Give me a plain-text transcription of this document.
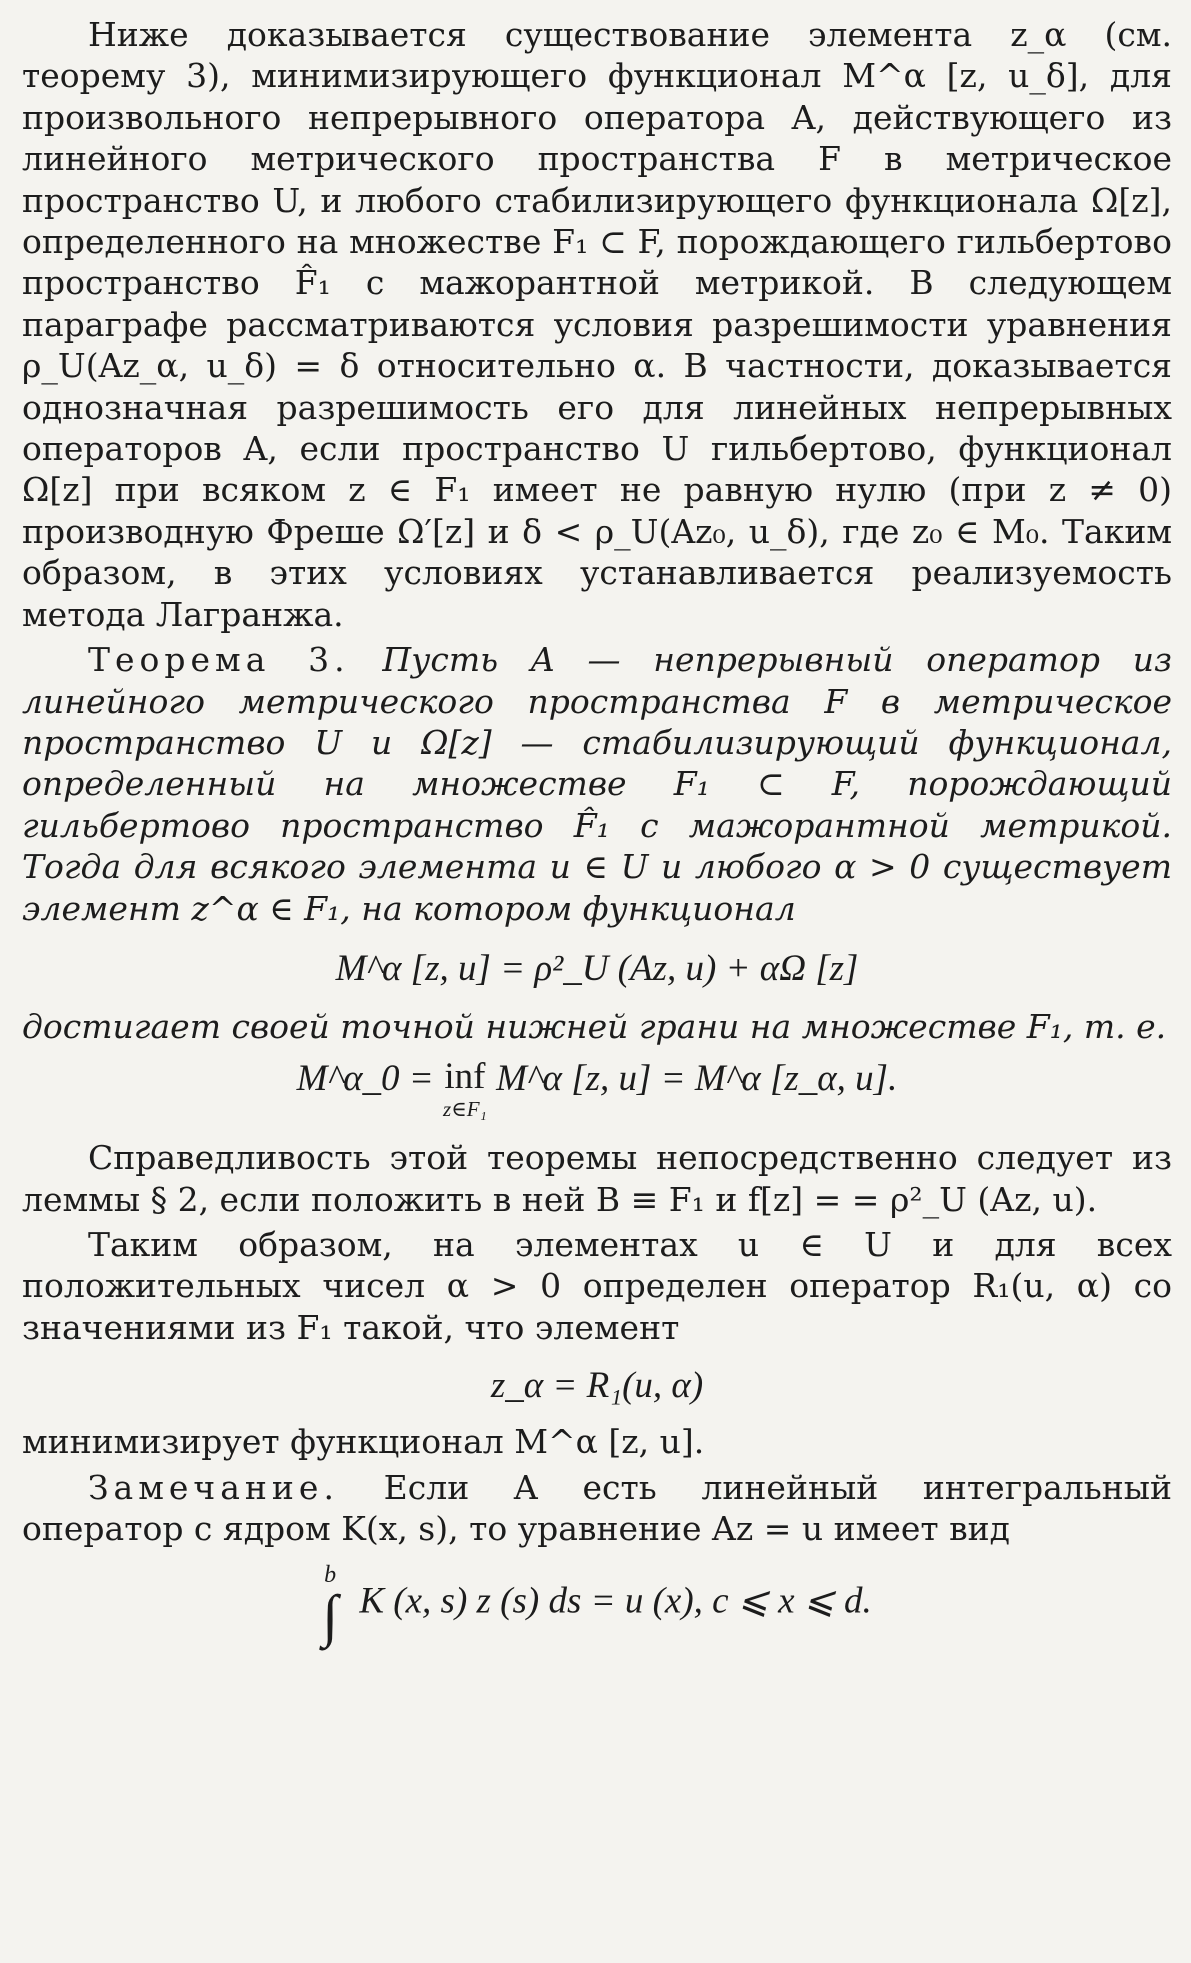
Ниже доказывается существование элемента z_α (см. теорему 3), минимизирующего функционал M^α [z, u_δ], для произвольного непрерывного оператора A, действующего из линейного метрического пространства F в метрическое пространство U, и любого стабилизирующего функционала Ω[z], определенного на множестве F₁ ⊂ F, порождающего гильбертово пространство F̂₁ с мажорантной метрикой. В следующем параграфе рассматриваются условия разрешимости уравнения ρ_U(Az_α, u_δ) = δ относительно α. В частности, доказывается однозначная разрешимость его для линейных непрерывных операторов A, если пространство U гильбертово, функционал Ω[z] при всяком z ∈ F₁ имеет не равную нулю (при z ≠ 0) производную Фреше Ω′[z] и δ < ρ_U(Az₀, u_δ), где z₀ ∈ M₀. Таким образом, в этих условиях устанавливается реализуемость метода Лагранжа.

Теорема 3. Пусть A — непрерывный оператор из линейного метрического пространства F в метрическое пространство U и Ω[z] — стабилизирующий функционал, определенный на множестве F₁ ⊂ F, порождающий гильбертово пространство F̂₁ с мажорантной метрикой. Тогда для всякого элемента u ∈ U и любого α > 0 существует элемент z^α ∈ F₁, на котором функционал

M^α [z, u] = ρ²_U (Az, u) + αΩ [z]

достигает своей точной нижней грани на множестве F₁, т. е.

M^α_0 = inf
z∈F₁
M^α [z, u] = M^α [z_α, u].

Справедливость этой теоремы непосредственно следует из леммы § 2, если положить в ней B ≡ F₁ и f[z] = = ρ²_U (Az, u).

Таким образом, на элементах u ∈ U и для всех положительных чисел α > 0 определен оператор R₁(u, α) со значениями из F₁ такой, что элемент

z_α = R₁(u, α)

минимизирует функционал M^α [z, u].

Замечание. Если A есть линейный интегральный оператор с ядром K(x, s), то уравнение Az = u имеет вид

b
∫ K (x, s) z (s) ds = u (x), c ⩽ x ⩽ d.
